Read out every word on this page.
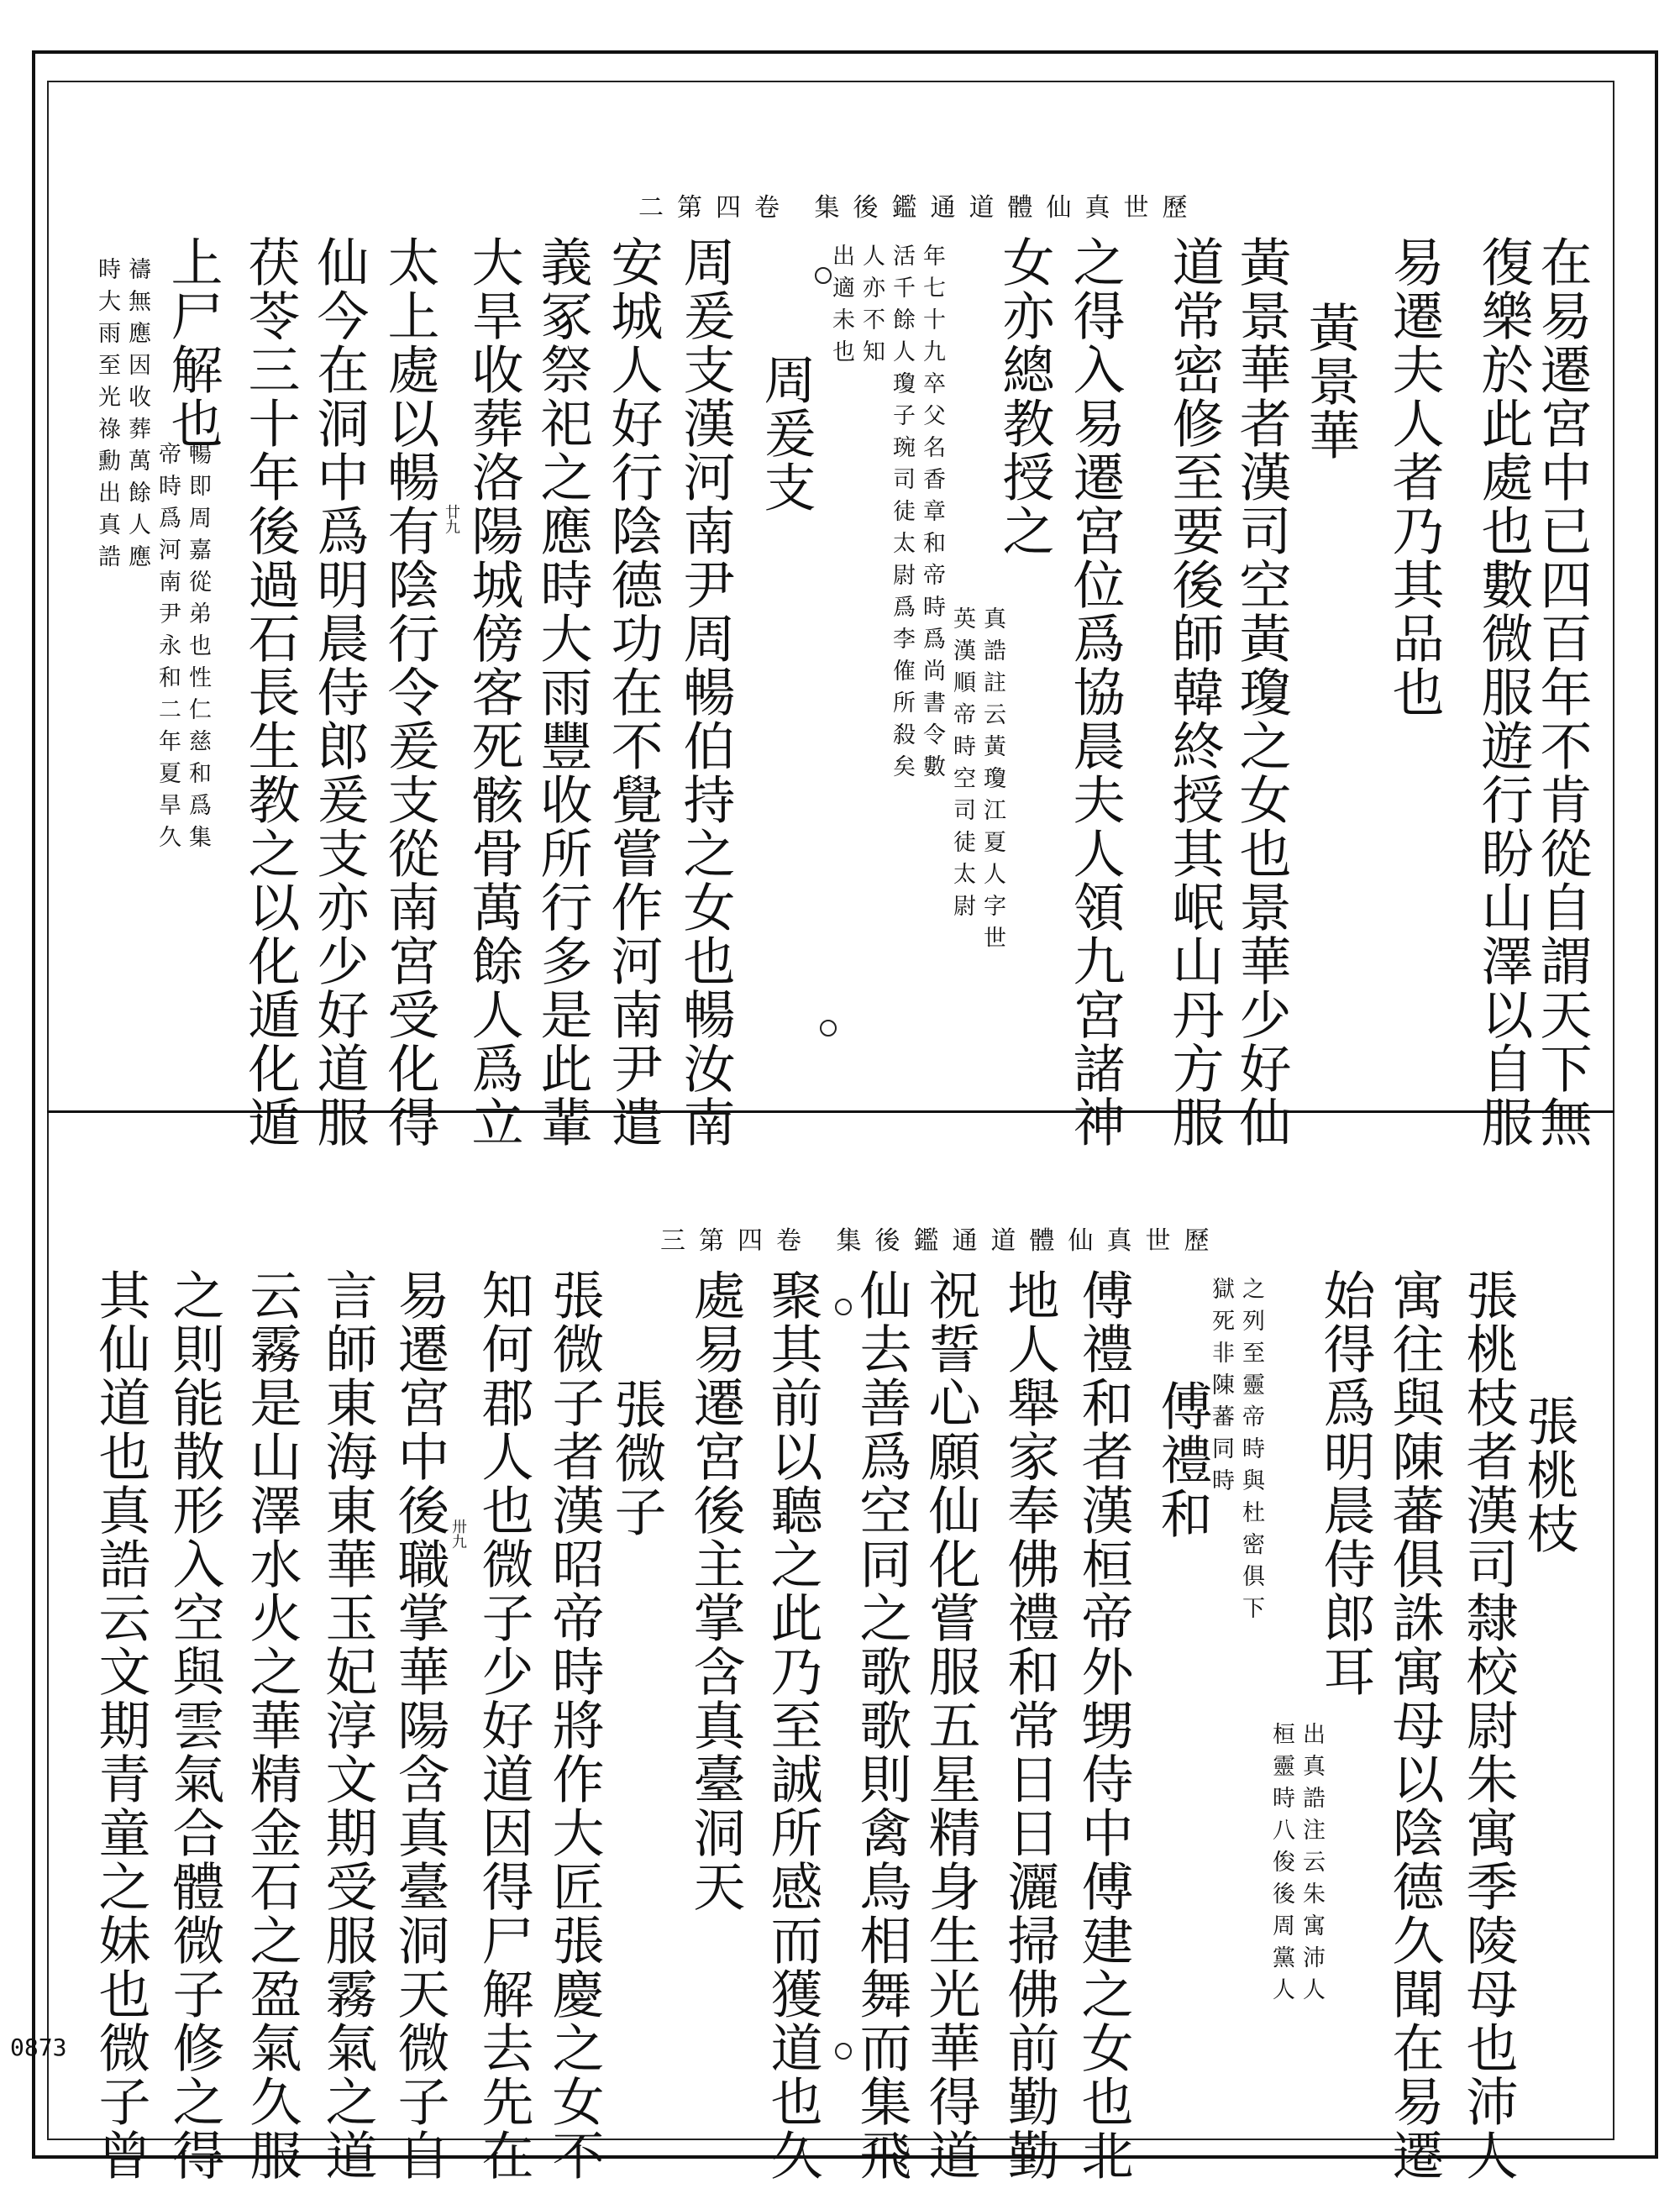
二第四卷 集後鑑通道體仙真世歷
在易遷宮中已四百年不肯從自謂天下無
復樂於此處也數微服遊行盼山澤以自服
易遷夫人者乃其品也
黃景華
黃景華者漢司空黃瓊之女也景華少好仙
道常密修至要後師韓終授其岷山丹方服
之得入易遷宮位爲協晨夫人領九宮諸神
女亦總教授之
真誥註云黃瓊江夏人字世
英漢順帝時空司徒太尉
年七十九卒父名香章和帝時爲尚書令數
活千餘人瓊子琬司徒太尉爲李傕所殺矣
人亦不知
出適未也
周爰支
周爰支漢河南尹周暢伯持之女也暢汝南
安城人好行陰德功在不覺嘗作河南尹遣
義冢祭祀之應時大雨豐收所行多是此輩
廿九 大旱收葬洛陽城傍客死骸骨萬餘人爲立
太上處以暢有陰行令爰支從南宮受化得
仙今在洞中爲明晨侍郎爰支亦少好道服
茯苓三十年後過石長生教之以化遁化遁
上尸解也
暢即周嘉從弟也性仁慈和爲集
帝時爲河南尹永和二年夏旱久
禱無應因收葬萬餘人應
時大雨至光祿勳出真誥
三第四卷 集後鑑通道體仙真世歷
張桃枝
張桃枝者漢司隸校尉朱寓季陵母也沛人
寓往與陳蕃俱誅寓母以陰德久聞在易遷
始得爲明晨侍郎耳
出真誥注云朱寓沛人
桓靈時八俊後周黨人
之列至靈帝時與杜密俱下
獄死非陳蕃同時
傅禮和
傅禮和者漢桓帝外甥侍中傅建之女也北
地人舉家奉佛禮和常日日灑掃佛前勤勤
祝誓心願仙化嘗服五星精身生光華得道
仙去善爲空同之歌歌則禽鳥相舞而集飛
聚其前以聽之此乃至誠所感而獲道也久
處易遷宮後主掌含真臺洞天
張微子
張微子者漢昭帝時將作大匠張慶之女不
知何郡人也微子少好道因得尸解去先在
卅九
易遷宮中後職掌華陽含真臺洞天微子自
言師東海東華玉妃淳文期受服霧氣之道
云霧是山澤水火之華精金石之盈氣久服
之則能散形入空與雲氣合體微子修之得
其仙道也真誥云文期青童之妹也微子曾
0873
